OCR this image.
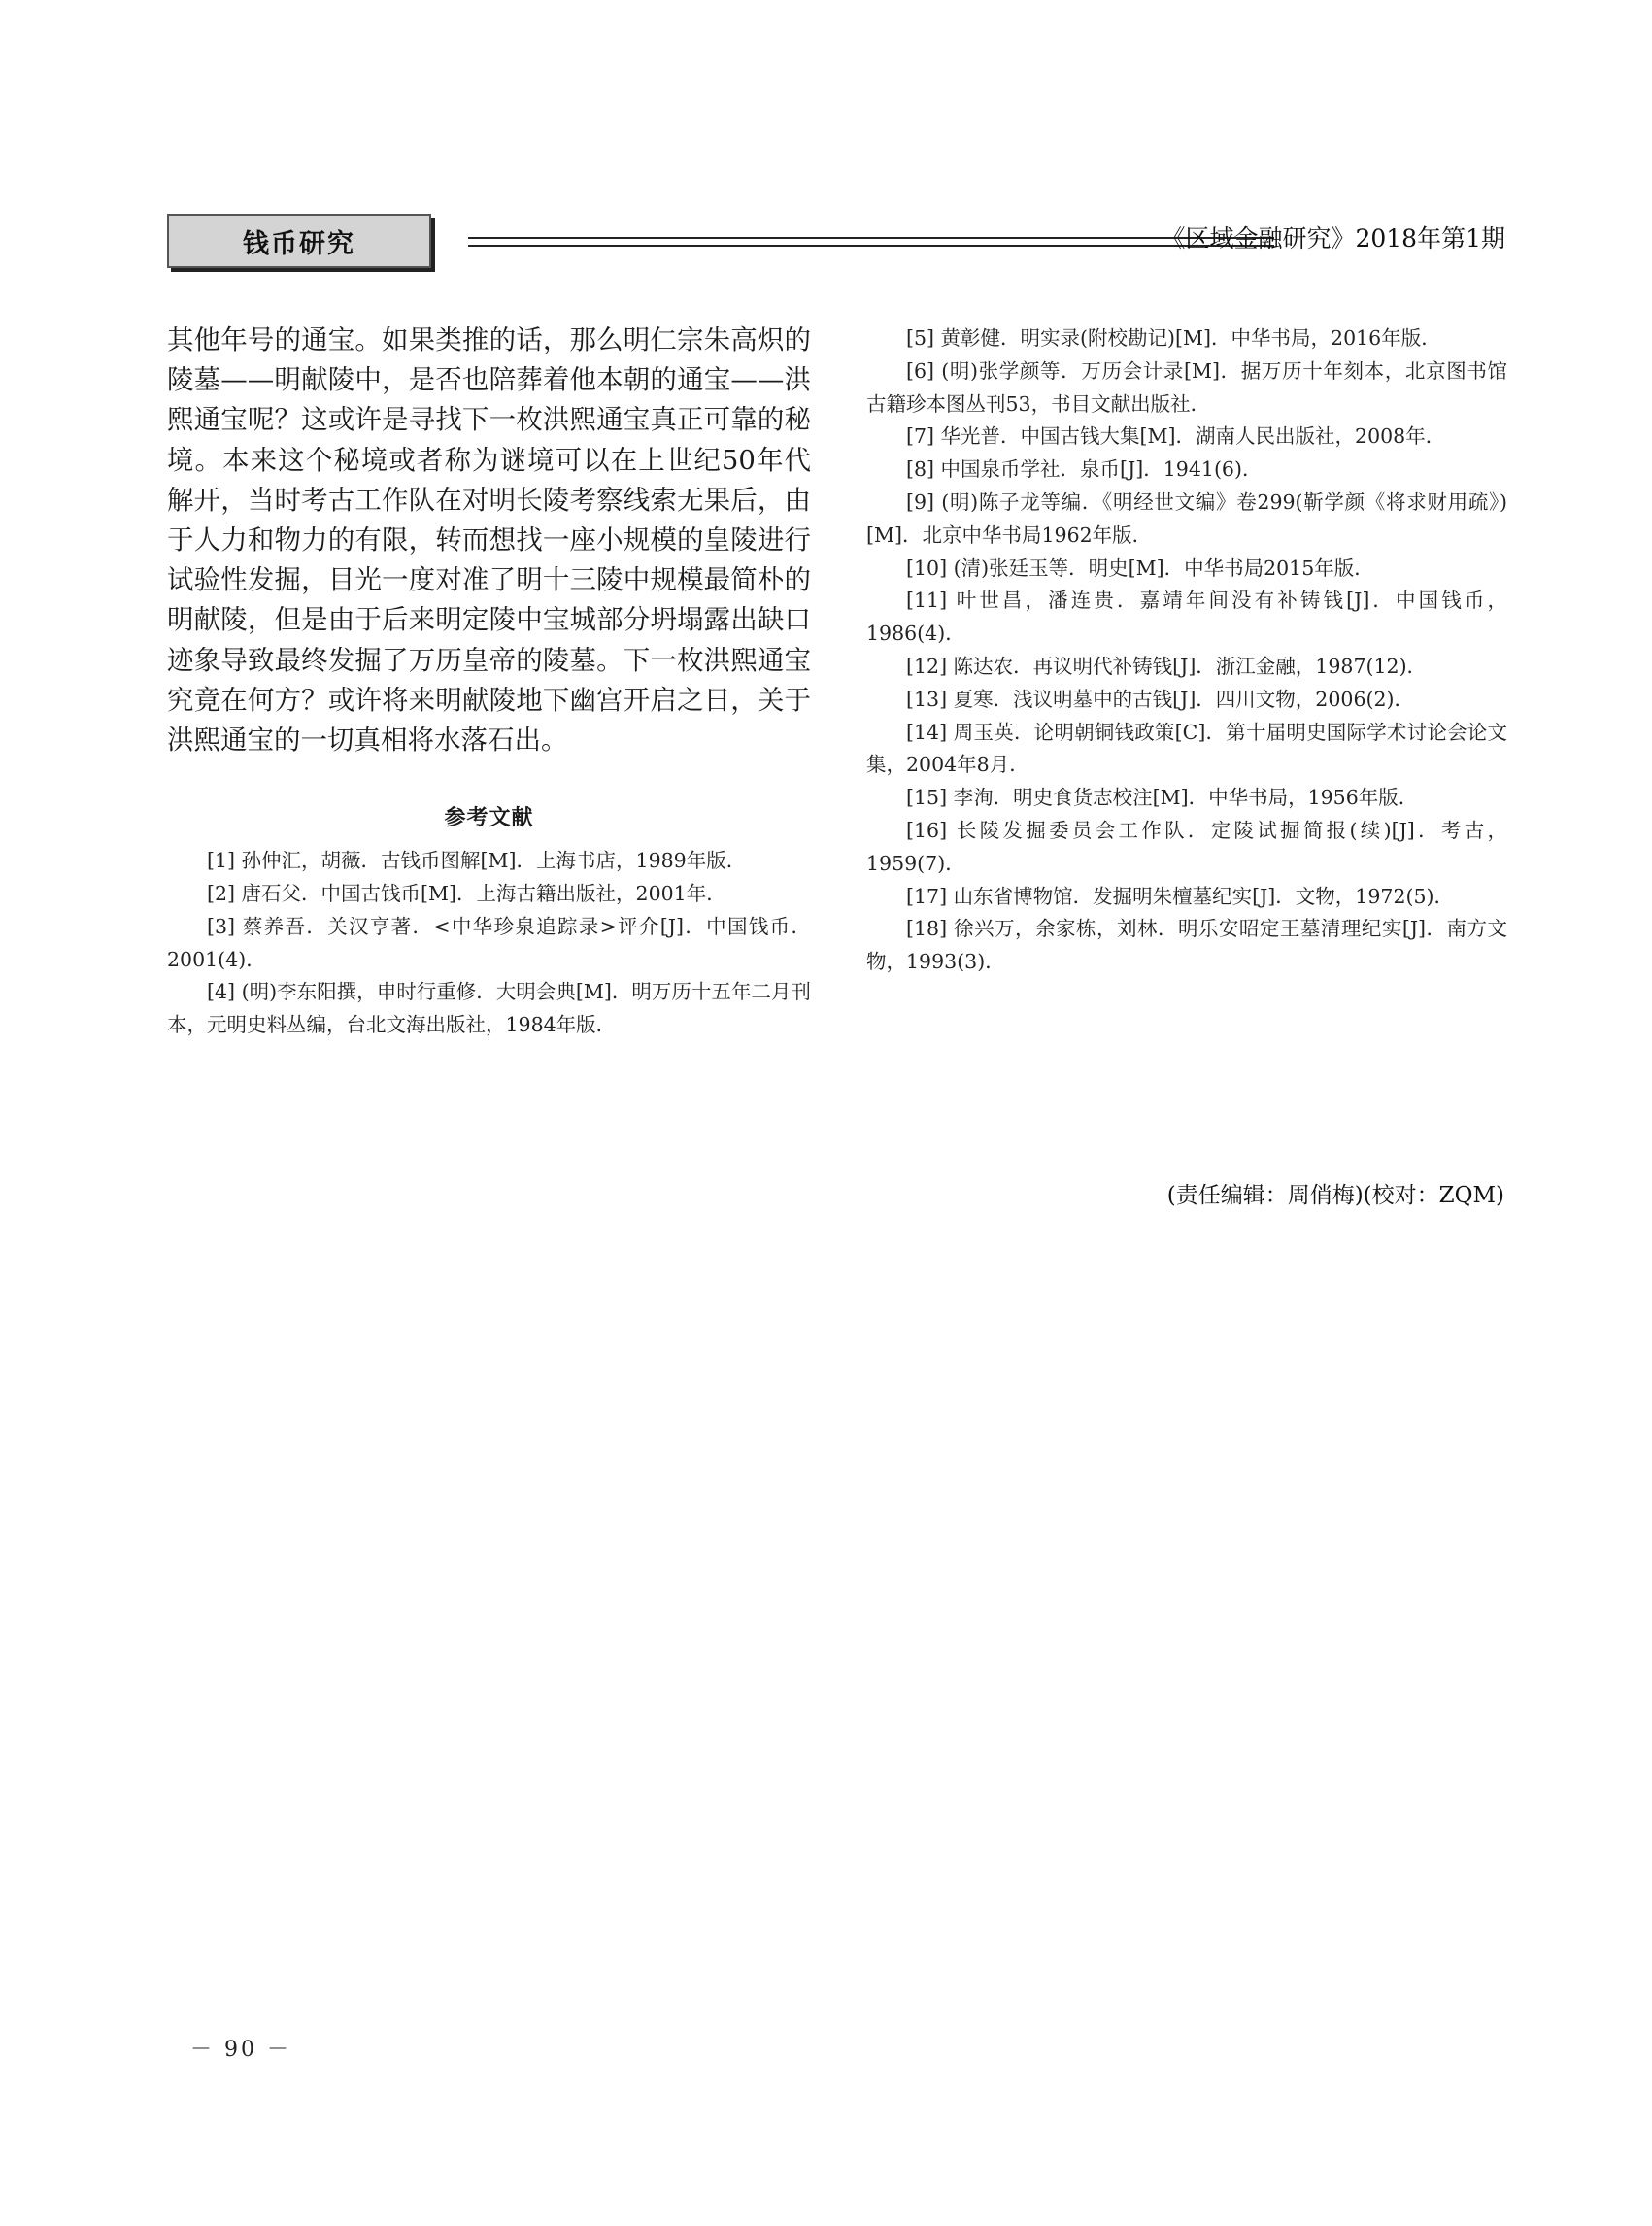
钱币研究	《区域金融研究》2018年第1期

其他年号的通宝。如果类推的话，那么明仁宗朱高炽的陵墓——明献陵中，是否也陪葬着他本朝的通宝——洪熙通宝呢？这或许是寻找下一枚洪熙通宝真正可靠的秘境。本来这个秘境或者称为谜境可以在上世纪50年代解开，当时考古工作队在对明长陵考察线索无果后，由于人力和物力的有限，转而想找一座小规模的皇陵进行试验性发掘，目光一度对准了明十三陵中规模最简朴的明献陵，但是由于后来明定陵中宝城部分坍塌露出缺口迹象导致最终发掘了万历皇帝的陵墓。下一枚洪熙通宝究竟在何方？或许将来明献陵地下幽宫开启之日，关于洪熙通宝的一切真相将水落石出。

参考文献

[1] 孙仲汇，胡薇．古钱币图解[M]．上海书店，1989年版．

[2] 唐石父．中国古钱币[M]．上海古籍出版社，2001年．

[3] 蔡养吾．关汉亨著．<中华珍泉追踪录>评介[J]．中国钱币．2001(4)．

[4] (明)李东阳撰，申时行重修．大明会典[M]．明万历十五年二月刊本，元明史料丛编，台北文海出版社，1984年版．

[5] 黄彰健．明实录(附校勘记)[M]．中华书局，2016年版．

[6] (明)张学颜等．万历会计录[M]．据万历十年刻本，北京图书馆古籍珍本图丛刊53，书目文献出版社．

[7] 华光普．中国古钱大集[M]．湖南人民出版社，2008年．

[8] 中国泉币学社．泉币[J]．1941(6)．

[9] (明)陈子龙等编．《明经世文编》卷299(靳学颜《将求财用疏》)[M]．北京中华书局1962年版．

[10] (清)张廷玉等．明史[M]．中华书局2015年版．

[11] 叶世昌，潘连贵．嘉靖年间没有补铸钱[J]．中国钱币，1986(4)．

[12] 陈达农．再议明代补铸钱[J]．浙江金融，1987(12)．

[13] 夏寒．浅议明墓中的古钱[J]．四川文物，2006(2)．

[14] 周玉英．论明朝铜钱政策[C]．第十届明史国际学术讨论会论文集，2004年8月．

[15] 李洵．明史食货志校注[M]．中华书局，1956年版．

[16] 长陵发掘委员会工作队．定陵试掘简报(续)[J]．考古，1959(7)．

[17] 山东省博物馆．发掘明朱檀墓纪实[J]．文物，1972(5)．

[18] 徐兴万，余家栋，刘林．明乐安昭定王墓清理纪实[J]．南方文物，1993(3)．

(责任编辑：周俏梅)(校对：ZQM)
－ 90 －
